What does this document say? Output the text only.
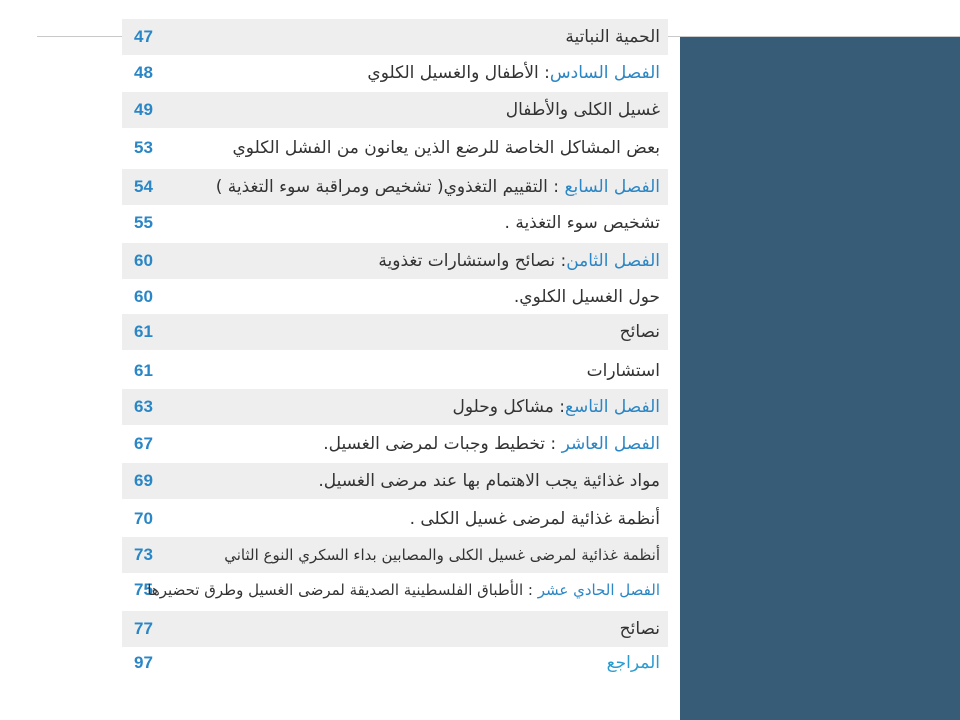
47	الحمية النباتية
48	الفصل السادس: الأطفال والغسيل الكلوي
49	غسيل الكلى والأطفال
53	بعض المشاكل الخاصة للرضع الذين يعانون من الفشل الكلوي
54	الفصل السابع : التقييم التغذوي( تشخيص ومراقبة سوء التغذية )
55	تشخيص سوء التغذية .
60	الفصل الثامن: نصائح واستشارات تغذوية
60	حول الغسيل الكلوي.
61	نصائح
61	استشارات
63	الفصل التاسع: مشاكل وحلول
67	الفصل العاشر : تخطيط وجبات لمرضى الغسيل.
69	مواد غذائية يجب الاهتمام بها عند مرضى الغسيل.
70	أنظمة غذائية لمرضى غسيل الكلى .
73	أنظمة غذائية لمرضى غسيل الكلى والمصابين بداء السكري النوع الثاني
75	الفصل الحادي عشر : الأطباق الفلسطينية الصديقة لمرضى الغسيل وطرق تحضيرها
77	نصائح
97	المراجع
